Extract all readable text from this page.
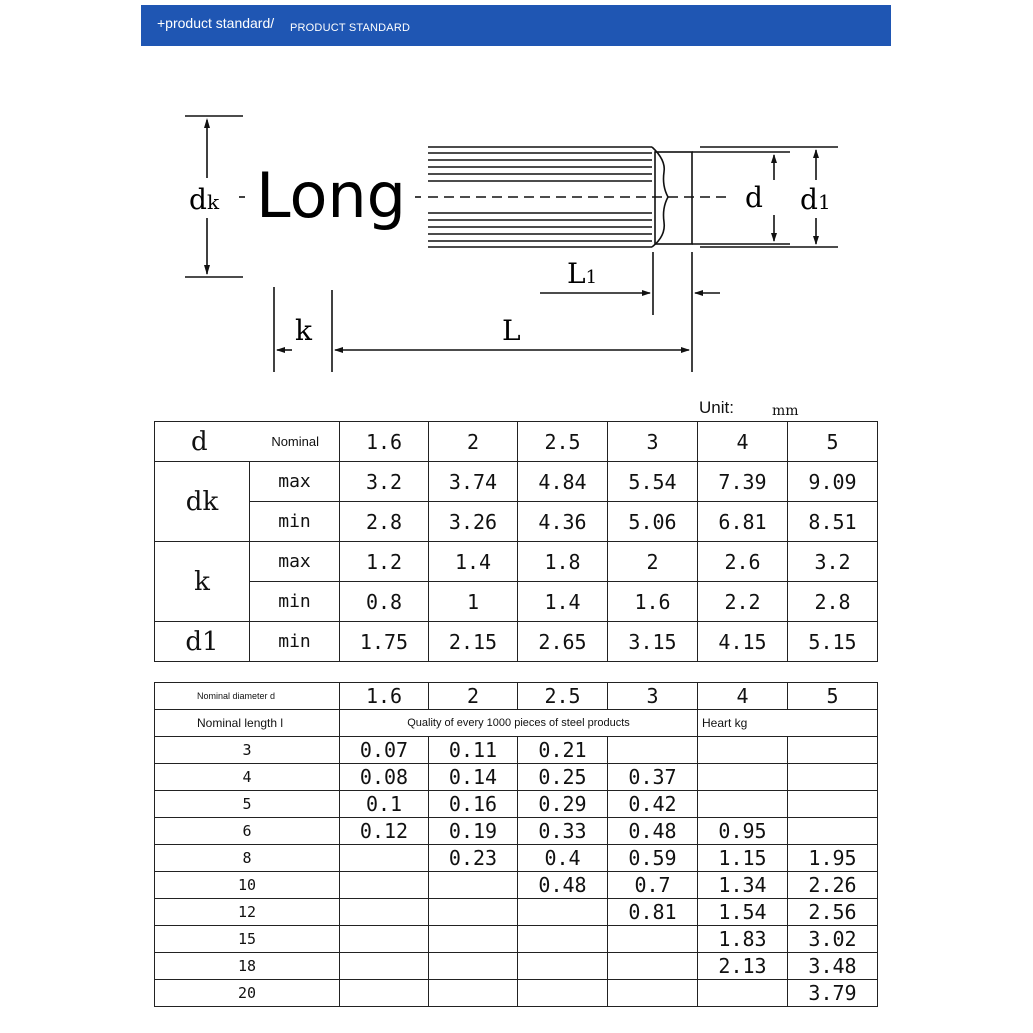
+product standard/ PRODUCT STANDARD
dk Long	d d1
L1
k	L
Unit:	mm
d	Nominal	1.6	2	2.5	3	4	5
dk	max	3.2	3.74	4.84	5.54	7.39	9.09
	min	2.8	3.26	4.36	5.06	6.81	8.51
k	max	1.2	1.4	1.8	2	2.6	3.2
	min	0.8	1	1.4	1.6	2.2	2.8
d1	min	1.75	2.15	2.65	3.15	4.15	5.15
Nominal diameter d	1.6	2	2.5	3	4	5
Nominal length l	Quality of every 1000 pieces of steel products				Heart kg	
3	0.07	0.11	0.21			
4	0.08	0.14	0.25	0.37		
5	0.1	0.16	0.29	0.42		
6	0.12	0.19	0.33	0.48	0.95	
8		0.23	0.4	0.59	1.15	1.95
10			0.48	0.7	1.34	2.26
12				0.81	1.54	2.56
15					1.83	3.02
18					2.13	3.48
20						3.79
